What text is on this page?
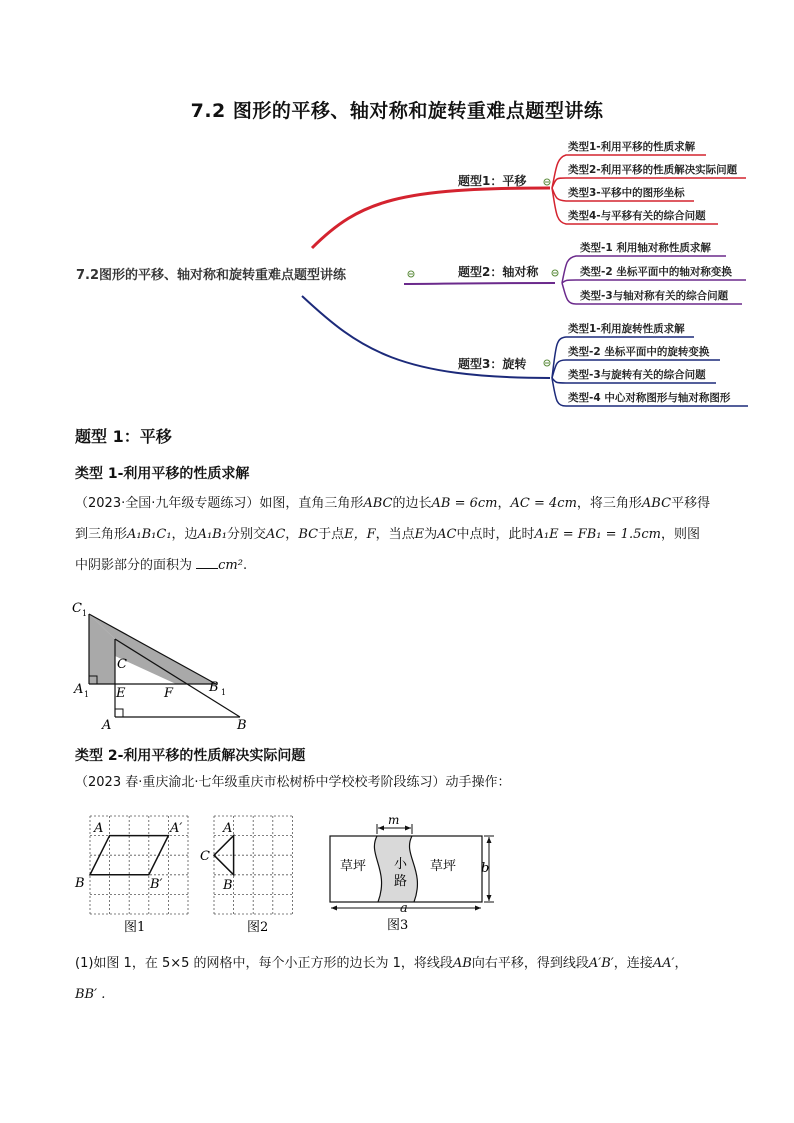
7.2 图形的平移、轴对称和旋转重难点题型讲练
7.2图形的平移、轴对称和旋转重难点题型讲练
题型1：平移
题型2：轴对称
题型3：旋转
类型1-利用平移的性质求解
类型2-利用平移的性质解决实际问题
类型3-平移中的图形坐标
类型4-与平移有关的综合问题
类型-1 利用轴对称性质求解
类型-2 坐标平面中的轴对称变换
类型-3与轴对称有关的综合问题
类型1-利用旋转性质求解
类型-2 坐标平面中的旋转变换
类型-3与旋转有关的综合问题
类型-4 中心对称图形与轴对称图形
题型 1：平移
类型 1-利用平移的性质求解
（2023·全国·九年级专题练习）如图，直角三角形ABC的边长AB = 6cm，AC = 4cm，将三角形ABC平移得
到三角形A₁B₁C₁，边A₁B₁分别交AC，BC于点E，F，当点E为AC中点时，此时A₁E = FB₁ = 1.5cm，则图
中阴影部分的面积为 cm².
C 1
C
A 1 E	F	B 1
A	B
类型 2-利用平移的性质解决实际问题
（2023 春·重庆渝北·七年级重庆市松树桥中学校校考阶段练习）动手操作：
A	A′
B	B′
图1
A
C
B
图2
m
草坪 小
路
草坪 b
a
图3
(1)如图 1，在 5×5 的网格中，每个小正方形的边长为 1，将线段AB向右平移，得到线段A′B′，连接AA′，
BB′ .
